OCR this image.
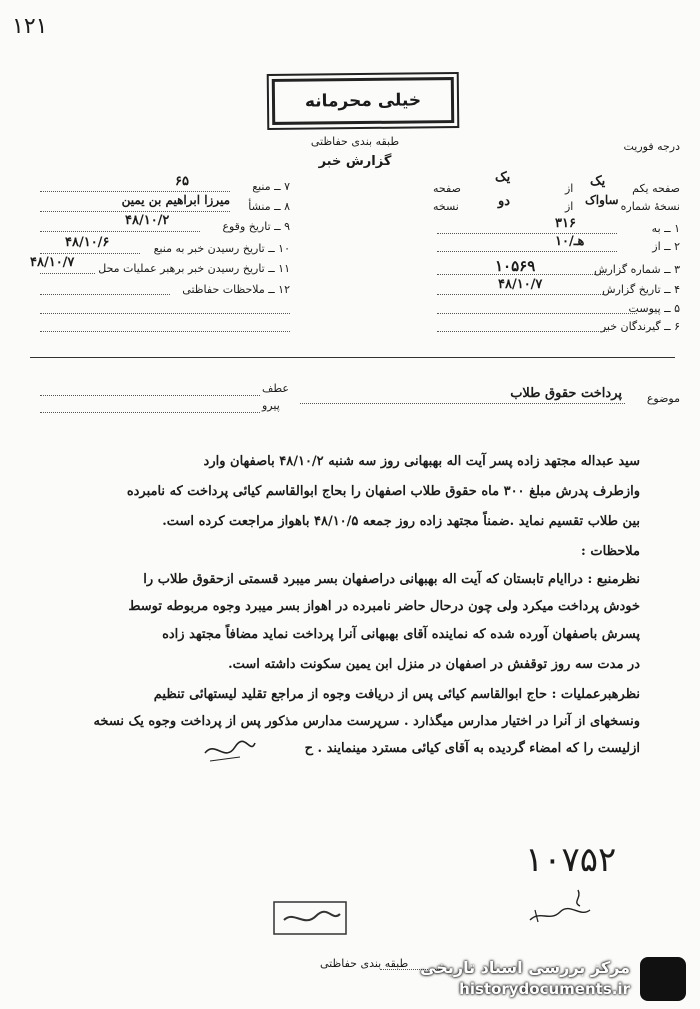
۱۲۱
خیلی محرمانه
طبقه بندی حفاظتی
گزارش خبر
درجه فوریت
صفحه یکم
یک
از
یک
صفحه
نسخهٔ شماره
ساواک
از
دو
نسخه
۱ ــ به
۳۱۶
۲ ــ از
۱۰/هـ
۳ ــ شماره گزارش
۱۰۵۶۹
۴ ــ تاریخ گزارش
۴۸/۱۰/۷
۵ ــ پیوست
۶ ــ گیرندگان خبر
۷ ــ منبع
۶۵
۸ ــ منشأ
میرزا ابراهیم بن یمین
۹ ــ تاریخ وقوع
۴۸/۱۰/۲
۱۰ ــ تاریخ رسیدن خبر به منبع
۴۸/۱۰/۶
۱۱ ــ تاریخ رسیدن خبر برهبر عملیات محل
۴۸/۱۰/۷
۱۲ ــ ملاحظات حفاظتی
عطف
پیرو
موضوع
پرداخت حقوق طلاب
سید عبداله مجتهد زاده پسر آیت اله بهبهانی روز سه شنبه ۴۸/۱۰/۲ باصفهان وارد
وازطرف پدرش مبلغ ۳۰۰ ماه حقوق طلاب اصفهان را بحاج ابوالقاسم کیائی پرداخت که نامبرده
بین طلاب تقسیم نماید .ضمناً مجتهد زاده روز جمعه ۴۸/۱۰/۵ باهواز مراجعت کرده است.
ملاحظات :
نظرمنبع : دراایام تابستان که آیت اله بهبهانی دراصفهان بسر میبرد قسمتی ازحقوق طلاب را
خودش پرداخت میکرد ولی چون درحال حاضر نامبرده در اهواز بسر میبرد وجوه مربوطه توسط
پسرش باصفهان آورده شده که نماینده آقای بهبهانی آنرا پرداخت نماید مضافاً مجتهد زاده
در مدت سه روز توقفش در اصفهان در منزل ابن یمین سکونت داشته است.
نظرهبرعملیات : حاج ابوالقاسم کیائی پس از دریافت وجوه از مراجع تقلید لیستهائی تنظیم
ونسخهای از آنرا در اختیار مدارس میگذارد . سرپرست مدارس مذکور پس از پرداخت وجوه یک نسخه
ازلیست را که امضاء گردیده به آقای کیائی مسترد مینمایند . ح
۱۰۷۵۲
طبقه بندی حفاظتی مرکز بررسی اسناد تاریخی
historydocuments.ir
